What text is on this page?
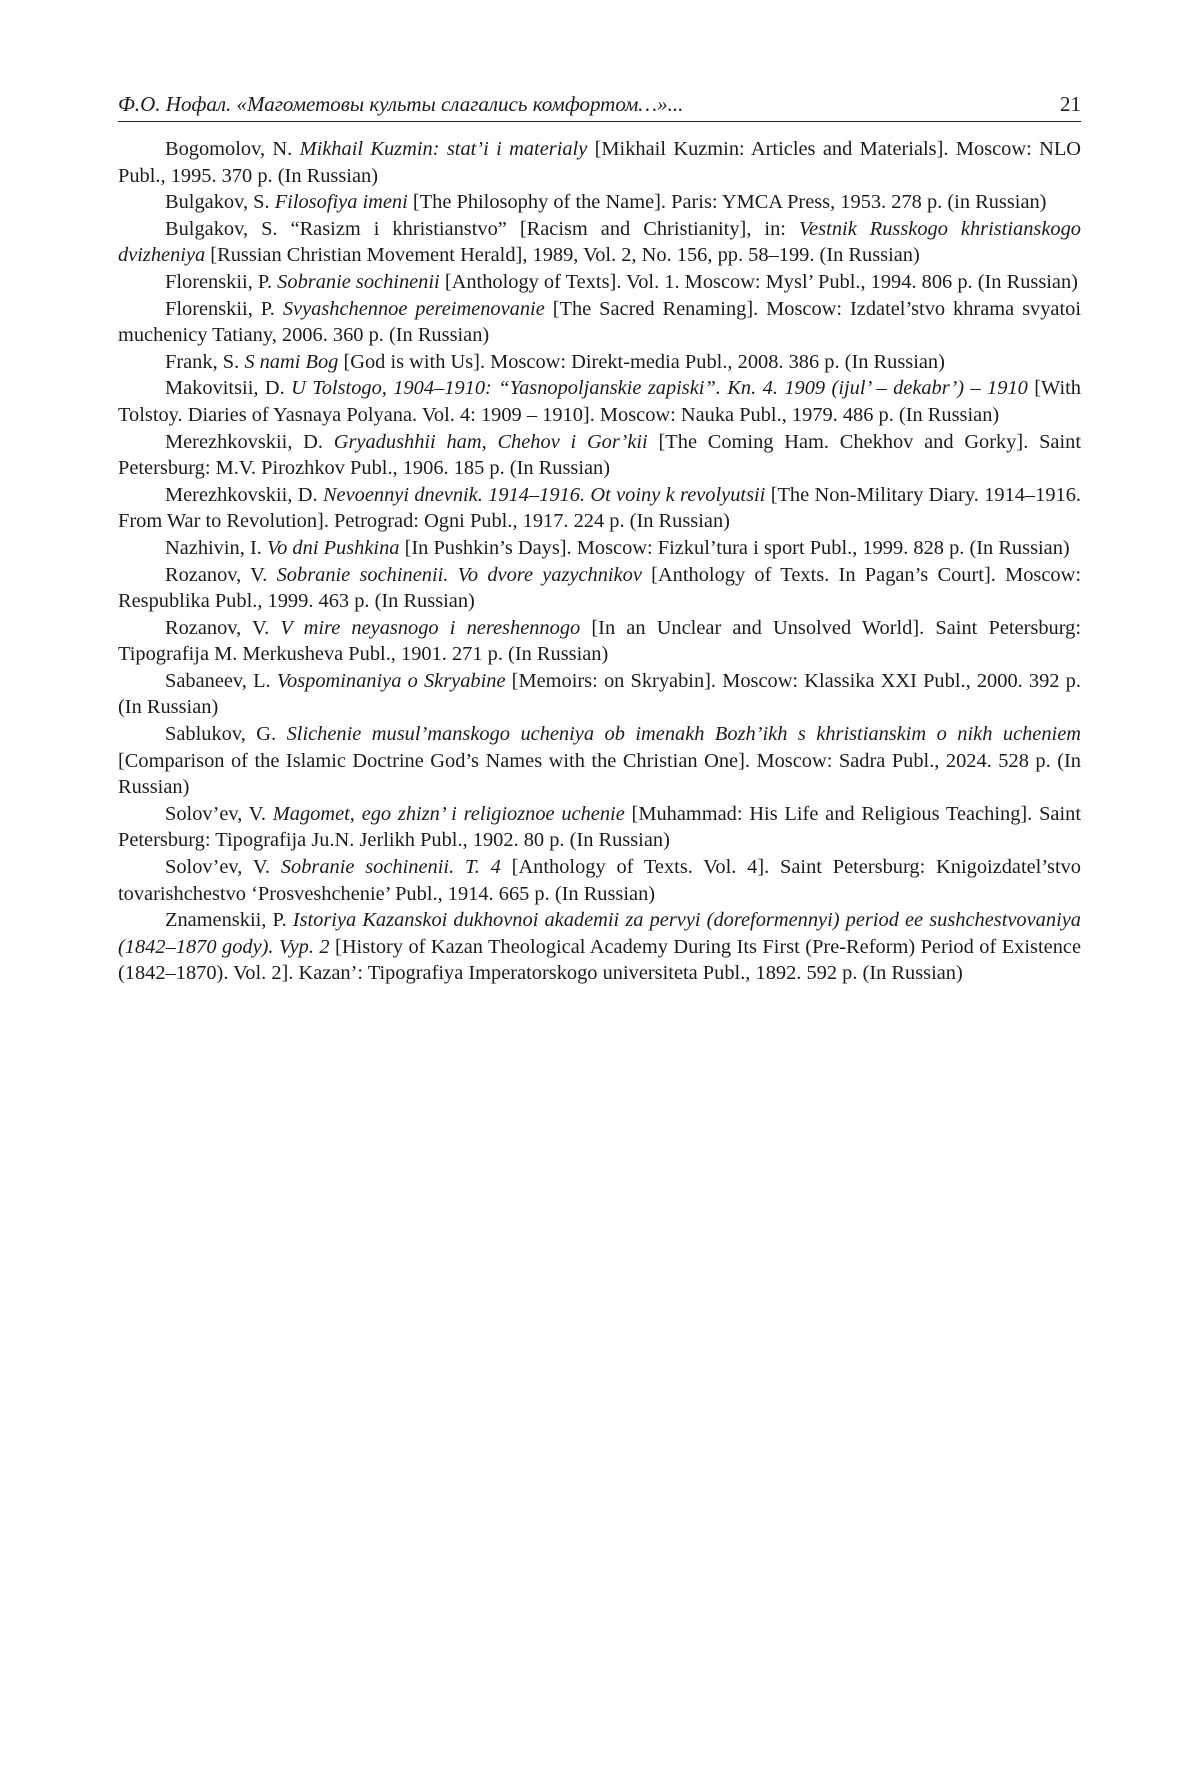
Ф.О. Нофал. «Магометовы культы слагались комфортом…»...	21

Bogomolov, N. Mikhail Kuzmin: stat’i i materialy [Mikhail Kuzmin: Articles and Materials]. Moscow: NLO Publ., 1995. 370 p. (In Russian)

Bulgakov, S. Filosofiya imeni [The Philosophy of the Name]. Paris: YMCA Press, 1953. 278 p. (in Russian)

Bulgakov, S. “Rasizm i khristianstvo” [Racism and Christianity], in: Vestnik Russkogo khristianskogo dvizheniya [Russian Christian Movement Herald], 1989, Vol. 2, No. 156, pp. 58–199. (In Russian)

Florenskii, P. Sobranie sochinenii [Anthology of Texts]. Vol. 1. Moscow: Mysl’ Publ., 1994. 806 p. (In Russian)

Florenskii, P. Svyashchennoe pereimenovanie [The Sacred Renaming]. Moscow: Izdatel’stvo khrama svyatoi muchenicy Tatiany, 2006. 360 p. (In Russian)

Frank, S. S nami Bog [God is with Us]. Moscow: Direkt-media Publ., 2008. 386 p. (In Russian)

Makovitsii, D. U Tolstogo, 1904–1910: “Yasnopoljanskie zapiski”. Kn. 4. 1909 (ijul’ – dekabr’) – 1910 [With Tolstoy. Diaries of Yasnaya Polyana. Vol. 4: 1909 – 1910]. Moscow: Nauka Publ., 1979. 486 p. (In Russian)

Merezhkovskii, D. Gryadushhii ham, Chehov i Gor’kii [The Coming Ham. Chekhov and Gorky]. Saint Petersburg: M.V. Pirozhkov Publ., 1906. 185 p. (In Russian)

Merezhkovskii, D. Nevoennyi dnevnik. 1914–1916. Ot voiny k revolyutsii [The Non-Military Diary. 1914–1916. From War to Revolution]. Petrograd: Ogni Publ., 1917. 224 p. (In Russian)

Nazhivin, I. Vo dni Pushkina [In Pushkin’s Days]. Moscow: Fizkul’tura i sport Publ., 1999. 828 p. (In Russian)

Rozanov, V. Sobranie sochinenii. Vo dvore yazychnikov [Anthology of Texts. In Pagan’s Court]. Moscow: Respublika Publ., 1999. 463 p. (In Russian)

Rozanov, V. V mire neyasnogo i nereshennogo [In an Unclear and Unsolved World]. Saint Petersburg: Tipografija M. Merkusheva Publ., 1901. 271 p. (In Russian)

Sabaneev, L. Vospominaniya o Skryabine [Memoirs: on Skryabin]. Moscow: Klassika XXI Publ., 2000. 392 p. (In Russian)

Sablukov, G. Slichenie musul’manskogo ucheniya ob imenakh Bozh’ikh s khristianskim o nikh ucheniem [Comparison of the Islamic Doctrine God’s Names with the Christian One]. Moscow: Sadra Publ., 2024. 528 p. (In Russian)

Solov’ev, V. Magomet, ego zhizn’ i religioznoe uchenie [Muhammad: His Life and Religious Teaching]. Saint Petersburg: Tipografija Ju.N. Jerlikh Publ., 1902. 80 p. (In Russian)

Solov’ev, V. Sobranie sochinenii. T. 4 [Anthology of Texts. Vol. 4]. Saint Petersburg: Knigoizdatel’stvo tovarishchestvo ‘Prosveshchenie’ Publ., 1914. 665 p. (In Russian)

Znamenskii, P. Istoriya Kazanskoi dukhovnoi akademii za pervyi (doreformennyi) period ee sushchestvovaniya (1842–1870 gody). Vyp. 2 [History of Kazan Theological Academy During Its First (Pre-Reform) Period of Existence (1842–1870). Vol. 2]. Kazan’: Tipografiya Imperatorskogo universiteta Publ., 1892. 592 p. (In Russian)
